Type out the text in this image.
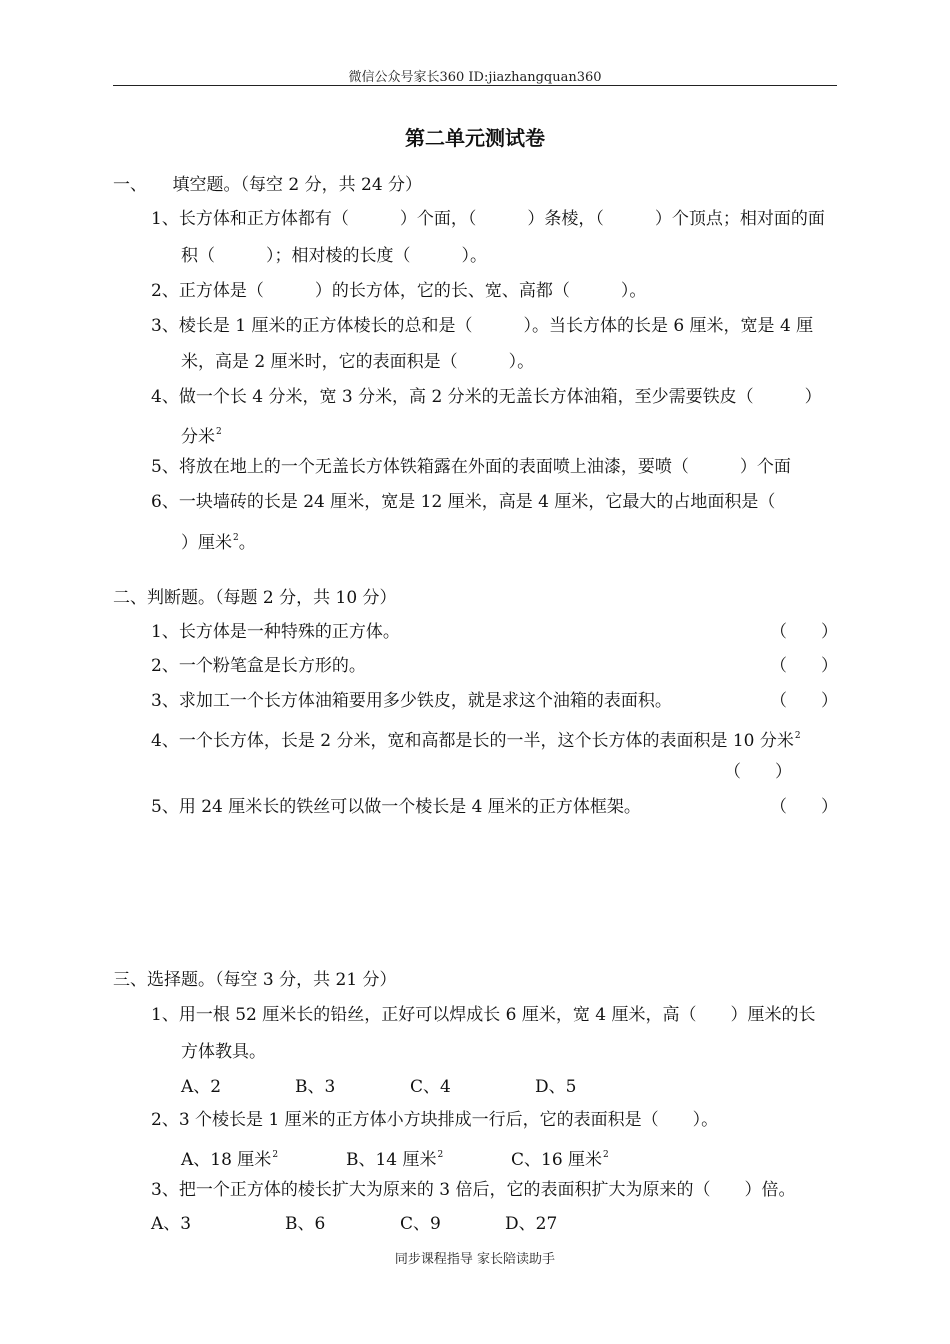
微信公众号家长360 ID:jiazhangquan360
第二单元测试卷
一、　　填空题。（每空 2 分，共 24 分）
1、长方体和正方体都有（　　　）个面，（　　　）条棱，（　　　）个顶点；相对面的面
积（　　　）；相对棱的长度（　　　）。
2、正方体是（　　　）的长方体，它的长、宽、高都（　　　）。
3、棱长是 1 厘米的正方体棱长的总和是（　　　）。当长方体的长是 6 厘米，宽是 4 厘
米，高是 2 厘米时，它的表面积是（　　　）。
4、做一个长 4 分米，宽 3 分米，高 2 分米的无盖长方体油箱，至少需要铁皮（　　　）
分米$^2$
5、将放在地上的一个无盖长方体铁箱露在外面的表面喷上油漆，要喷（　　　）个面
6、一块墙砖的长是 24 厘米，宽是 12 厘米，高是 4 厘米，它最大的占地面积是（
）厘米$^2$。
二、判断题。（每题 2 分，共 10 分）
1、长方体是一种特殊的正方体。	（　　）
2、一个粉笔盒是长方形的。	（　　）
3、求加工一个长方体油箱要用多少铁皮，就是求这个油箱的表面积。	（　　）
4、一个长方体，长是 2 分米，宽和高都是长的一半，这个长方体的表面积是 10 分米$^2$
（　　）
5、用 24 厘米长的铁丝可以做一个棱长是 4 厘米的正方体框架。	（　　）
三、选择题。（每空 3 分，共 21 分）
1、用一根 52 厘米长的铅丝，正好可以焊成长 6 厘米，宽 4 厘米，高（　　）厘米的长
方体教具。
A、2	B、3	C、4	D、5
2、3 个棱长是 1 厘米的正方体小方块排成一行后，它的表面积是（　　）。
A、18 厘米$^2$	B、14 厘米$^2$	C、16 厘米$^2$
3、把一个正方体的棱长扩大为原来的 3 倍后，它的表面积扩大为原来的（　　）倍。
A、3	B、6	C、9	D、27
同步课程指导 家长陪读助手
